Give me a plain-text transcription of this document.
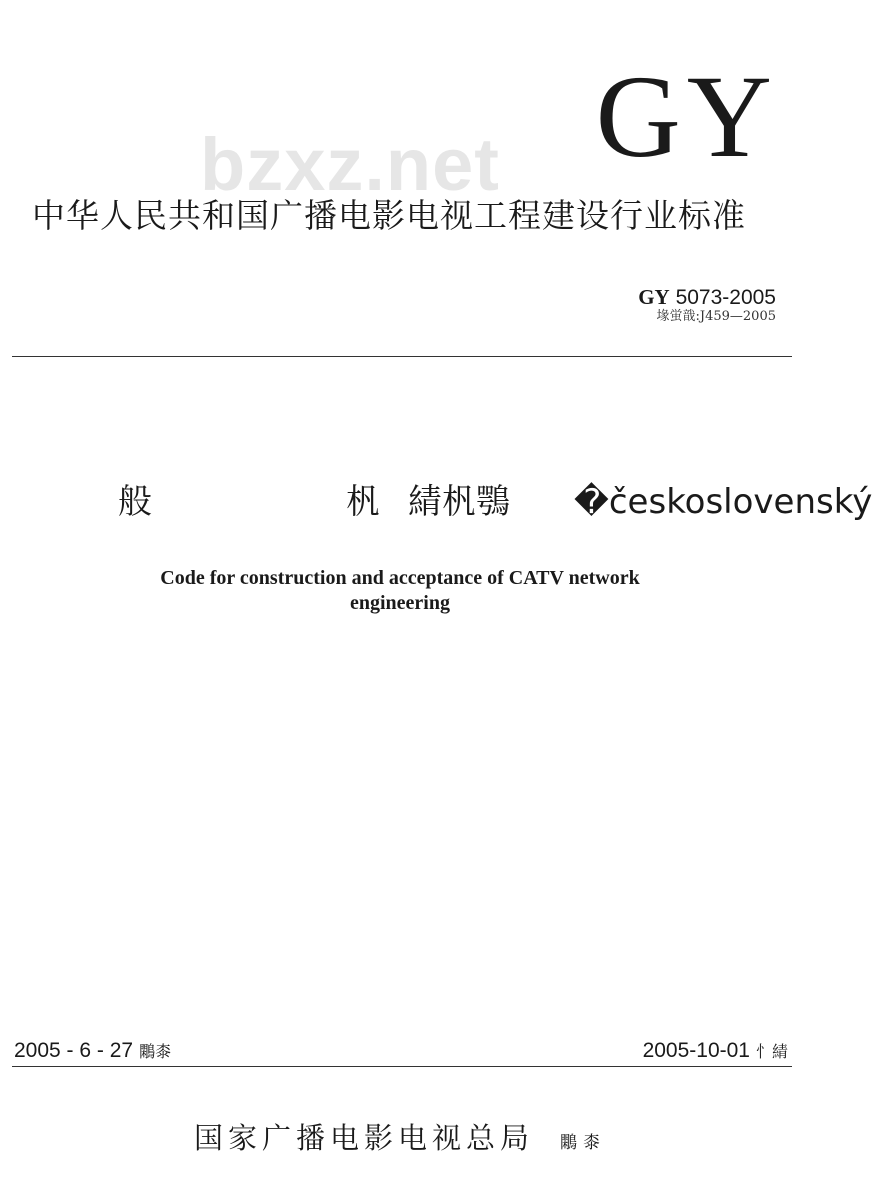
GY
bzxz.net
中华人民共和国广播电影电视工程建设行业标准
GY 5073-2005
堟蛍戠:J459—2005
般	杋 綪杋鶚 �československý
Code for construction and acceptance of CATV network
engineering
2005 - 6 - 27 鷴桼	2005-10-01 忄綪
国家广播电影电视总局 鷴桼
